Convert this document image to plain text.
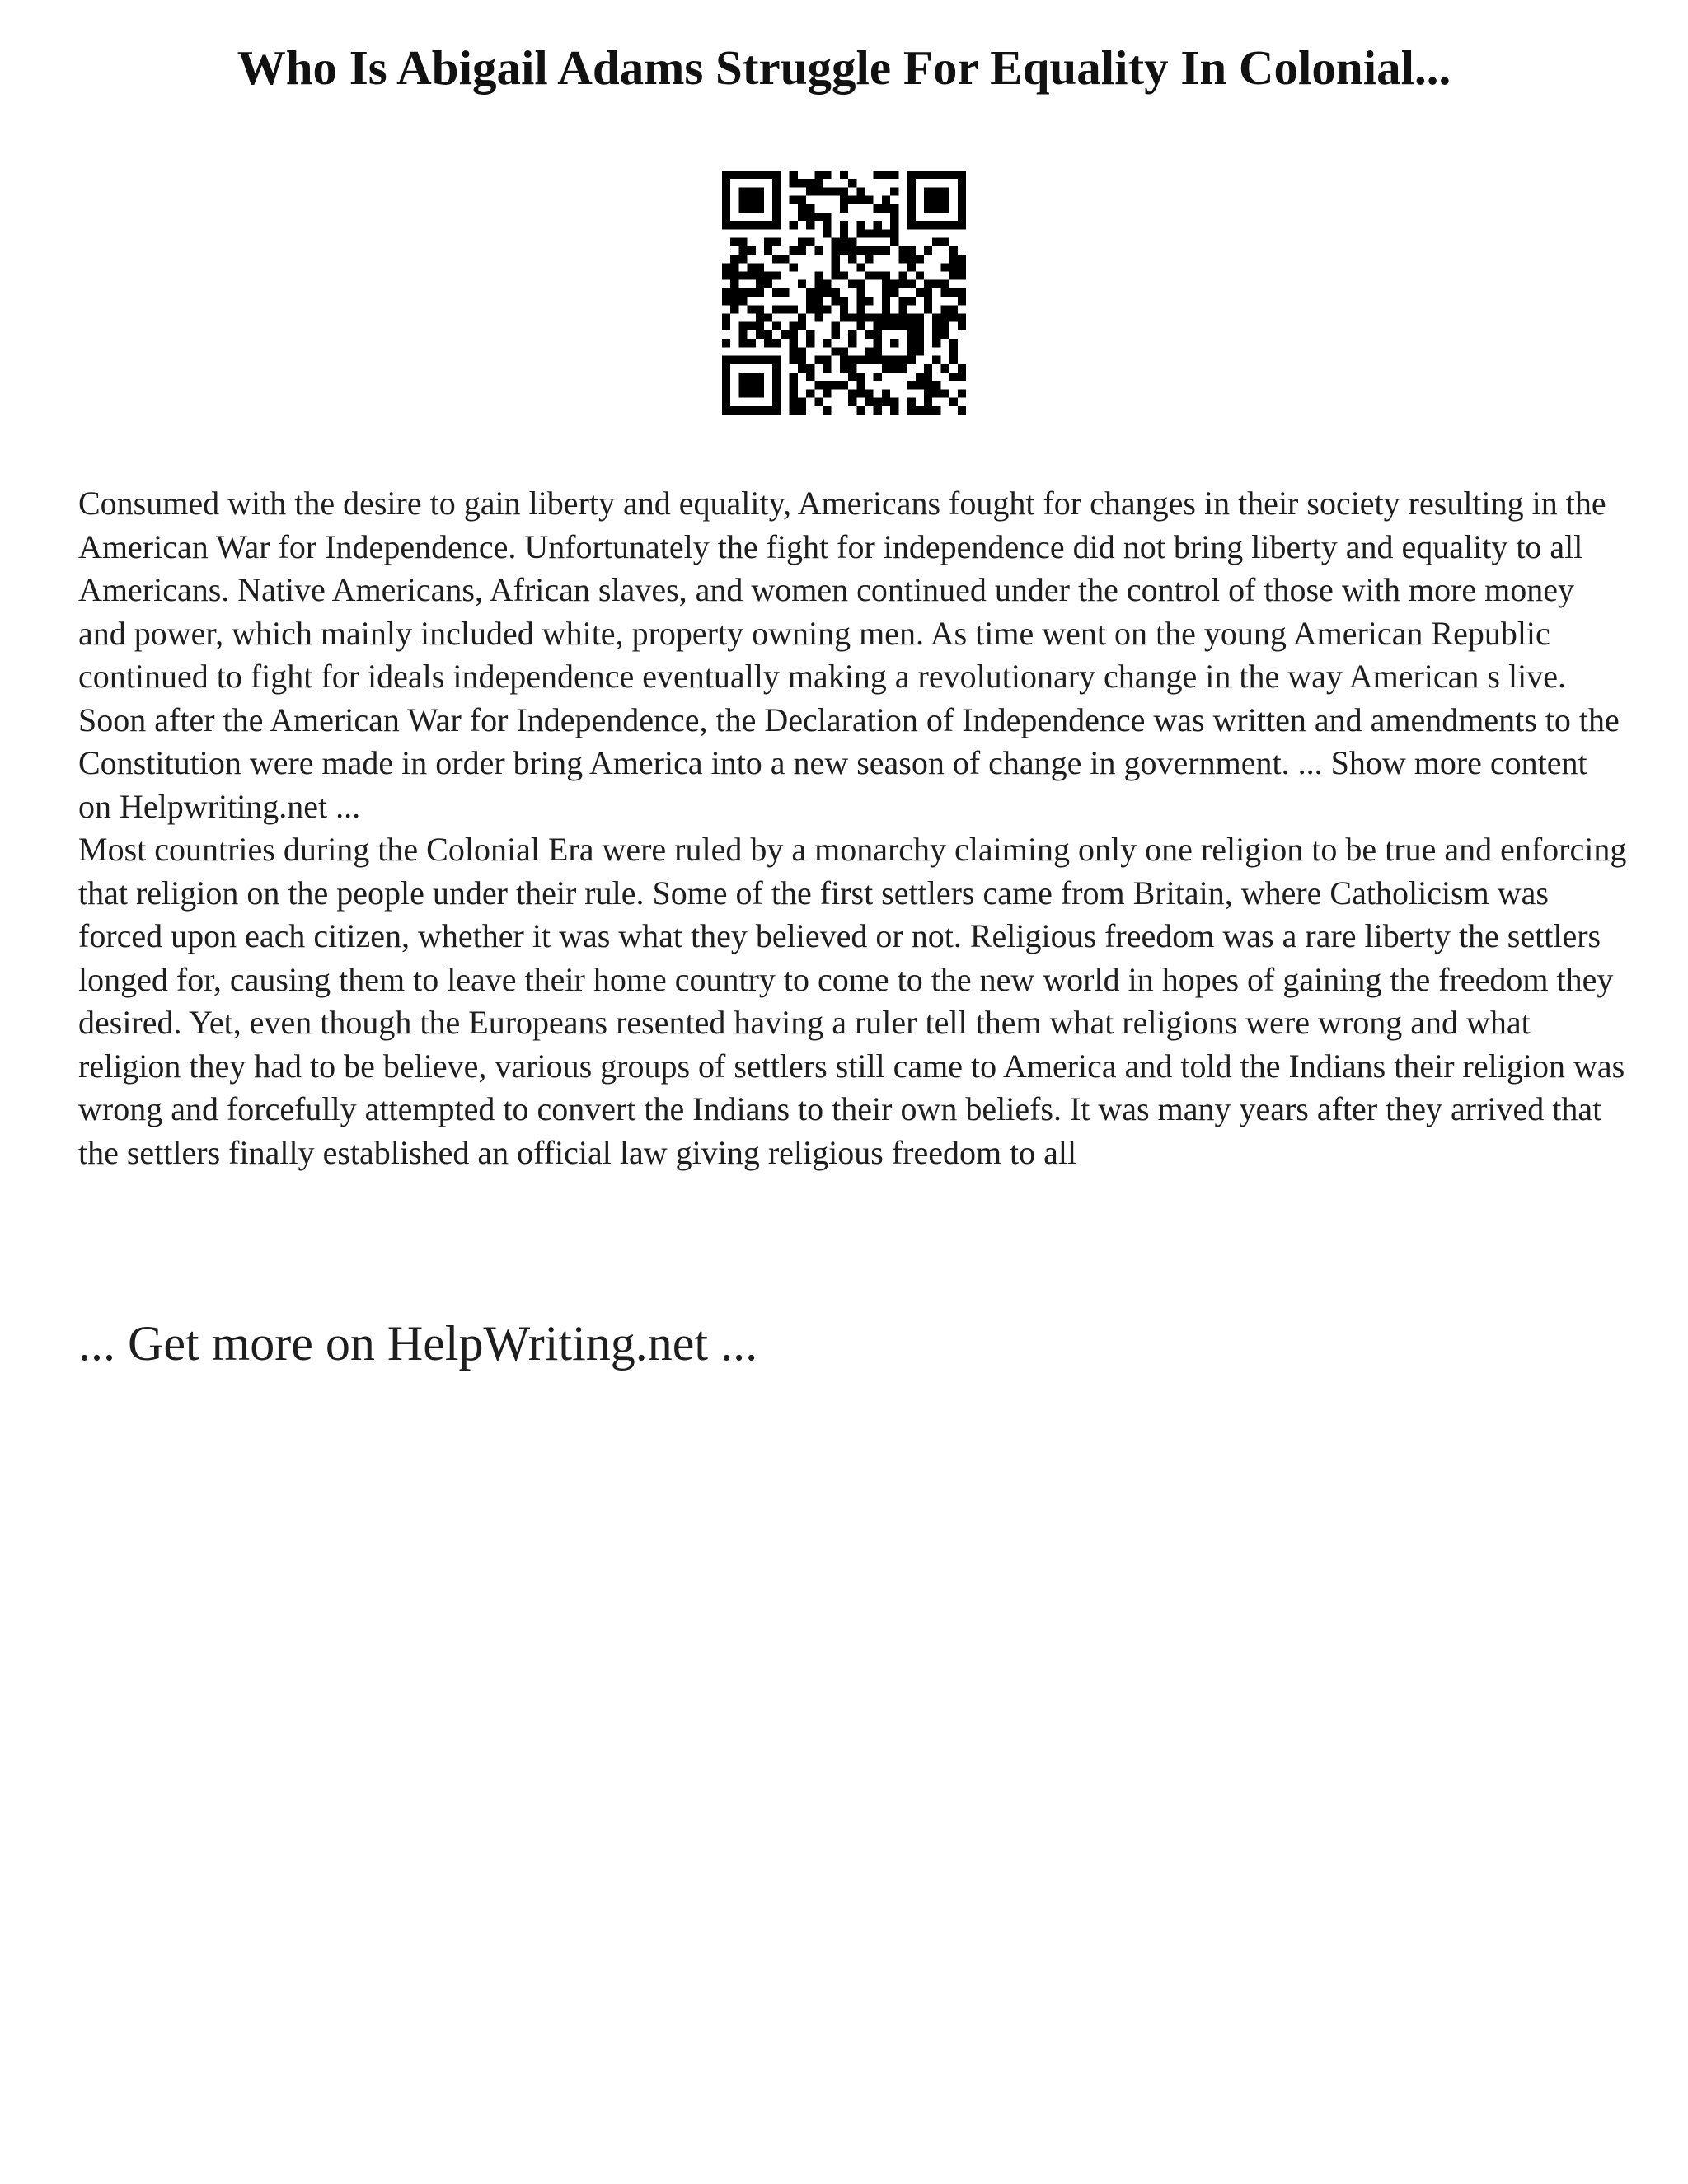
Who Is Abigail Adams Struggle For Equality In Colonial...

Consumed with the desire to gain liberty and equality, Americans fought for changes in their society resulting in the American War for Independence. Unfortunately the fight for independence did not bring liberty and equality to all Americans. Native Americans, African slaves, and women continued under the control of those with more money and power, which mainly included white, property owning men. As time went on the young American Republic continued to fight for ideals independence eventually making a revolutionary change in the way American s live. Soon after the American War for Independence, the Declaration of Independence was written and amendments to the Constitution were made in order bring America into a new season of change in government. ... Show more content on Helpwriting.net ...

Most countries during the Colonial Era were ruled by a monarchy claiming only one religion to be true and enforcing that religion on the people under their rule. Some of the first settlers came from Britain, where Catholicism was forced upon each citizen, whether it was what they believed or not. Religious freedom was a rare liberty the settlers longed for, causing them to leave their home country to come to the new world in hopes of gaining the freedom they desired. Yet, even though the Europeans resented having a ruler tell them what religions were wrong and what religion they had to be believe, various groups of settlers still came to America and told the Indians their religion was wrong and forcefully attempted to convert the Indians to their own beliefs. It was many years after they arrived that the settlers finally established an official law giving religious freedom to all

... Get more on HelpWriting.net ...
